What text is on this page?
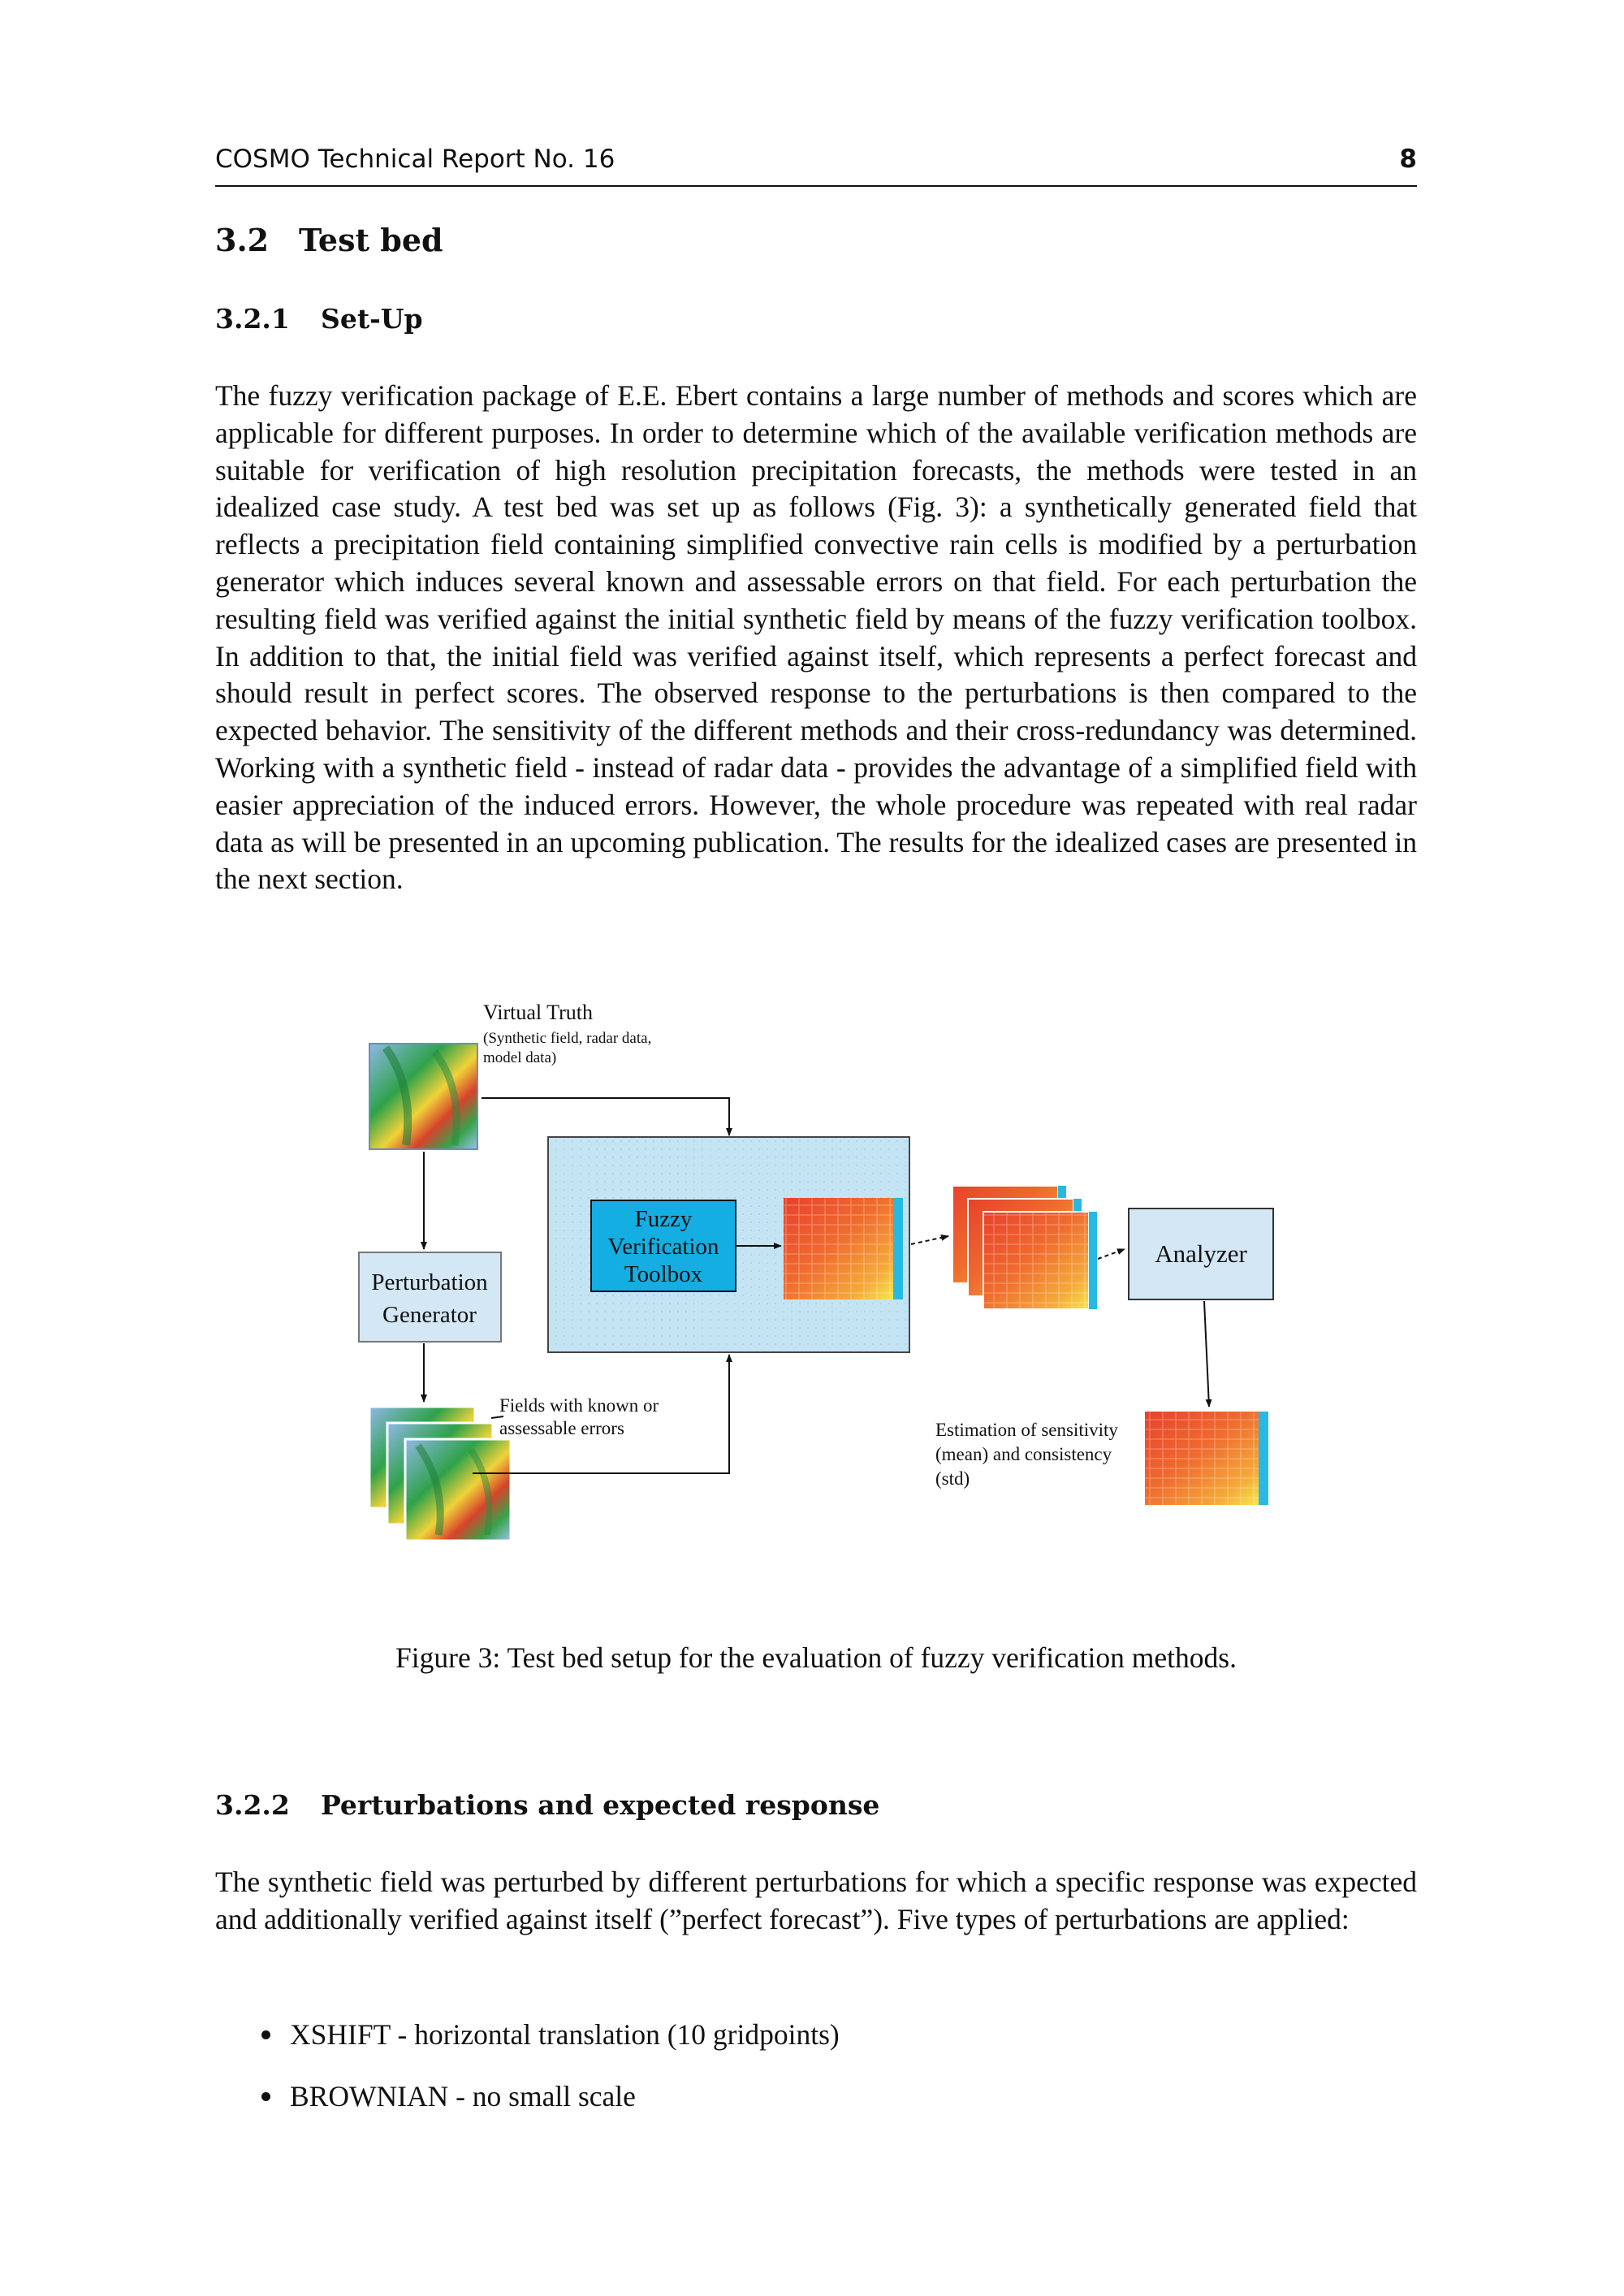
COSMO Technical Report No. 16	8
3.2 Test bed
3.2.1 Set-Up

The fuzzy verification package of E.E. Ebert contains a large number of methods and scores which are applicable for different purposes. In order to determine which of the available verification methods are suitable for verification of high resolution precipitation forecasts, the methods were tested in an idealized case study. A test bed was set up as follows (Fig. 3): a synthetically generated field that reflects a precipitation field containing simplified convective rain cells is modified by a perturbation generator which induces several known and assessable errors on that field. For each perturbation the resulting field was verified against the initial synthetic field by means of the fuzzy verification toolbox. In addition to that, the initial field was verified against itself, which represents a perfect forecast and should result in perfect scores. The observed response to the perturbations is then compared to the expected behavior. The sensitivity of the different methods and their cross-redundancy was determined. Working with a synthetic field - instead of radar data - provides the advantage of a simplified field with easier appreciation of the induced errors. However, the whole procedure was repeated with real radar data as will be presented in an upcoming publication. The results for the idealized cases are presented in the next section.

Virtual Truth
(Synthetic field, radar data,
model data)
Perturbation
Generator
Fields with known or
assessable errors
Fuzzy
Verification
Toolbox
Analyzer
Estimation of sensitivity
(mean) and consistency
(std)
Figure 3: Test bed setup for the evaluation of fuzzy verification methods.
3.2.2 Perturbations and expected response

The synthetic field was perturbed by different perturbations for which a specific response was expected and additionally verified against itself (”perfect forecast”). Five types of perturbations are applied:

XSHIFT - horizontal translation (10 gridpoints)
BROWNIAN - no small scale
